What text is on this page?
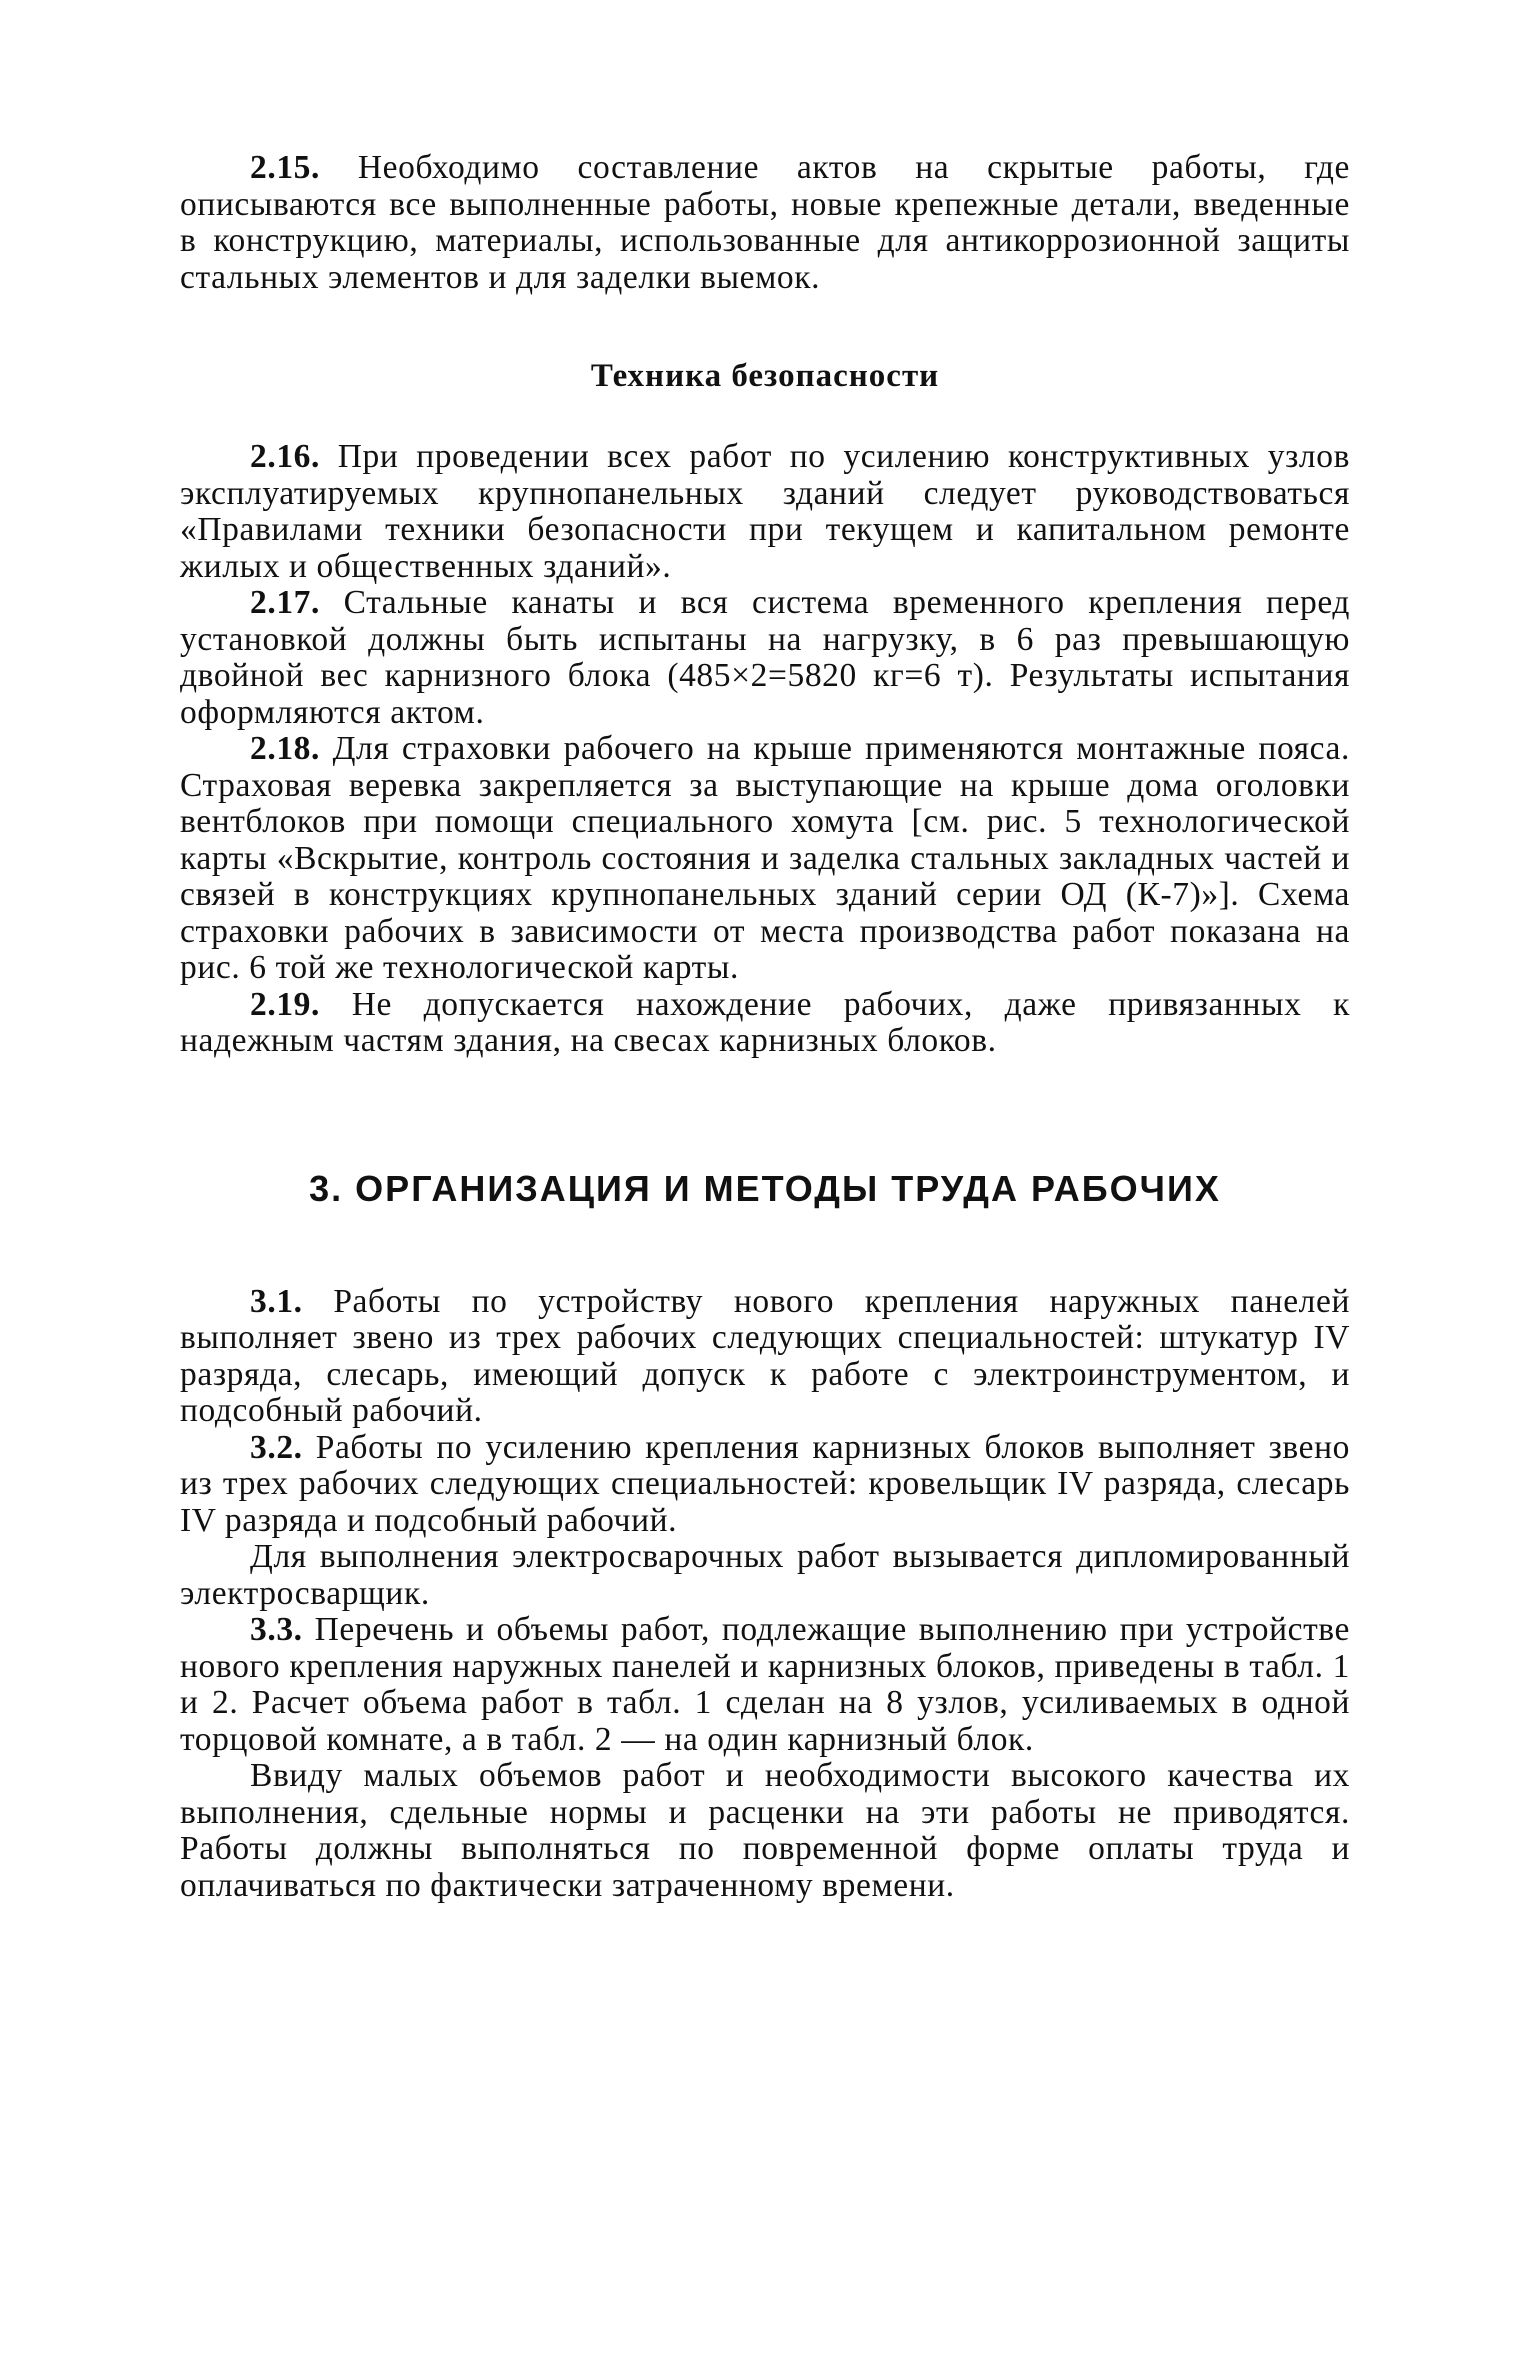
2.15. Необходимо составление актов на скрытые работы, где описываются все выполненные работы, новые крепежные детали, введенные в конструкцию, материалы, использованные для антикоррозионной защиты стальных элементов и для заделки выемок.

Техника безопасности

2.16. При проведении всех работ по усилению конструктивных узлов эксплуатируемых крупнопанельных зданий следует руководствоваться «Правилами техники безопасности при текущем и капитальном ремонте жилых и общественных зданий».

2.17. Стальные канаты и вся система временного крепления перед установкой должны быть испытаны на нагрузку, в 6 раз превышающую двойной вес карнизного блока (485×2=5820 кг=6 т). Результаты испытания оформляются актом.

2.18. Для страховки рабочего на крыше применяются монтажные пояса. Страховая веревка закрепляется за выступающие на крыше дома оголовки вентблоков при помощи специального хомута [см. рис. 5 технологической карты «Вскрытие, контроль состояния и заделка стальных закладных частей и связей в конструкциях крупнопанельных зданий серии ОД (К-7)»]. Схема страховки рабочих в зависимости от места производства работ показана на рис. 6 той же технологической карты.

2.19. Не допускается нахождение рабочих, даже привязанных к надежным частям здания, на свесах карнизных блоков.

3. ОРГАНИЗАЦИЯ И МЕТОДЫ ТРУДА РАБОЧИХ

3.1. Работы по устройству нового крепления наружных панелей выполняет звено из трех рабочих следующих специальностей: штукатур IV разряда, слесарь, имеющий допуск к работе с электроинструментом, и подсобный рабочий.

3.2. Работы по усилению крепления карнизных блоков выполняет звено из трех рабочих следующих специальностей: кровельщик IV разряда, слесарь IV разряда и подсобный рабочий.

Для выполнения электросварочных работ вызывается дипломированный электросварщик.

3.3. Перечень и объемы работ, подлежащие выполнению при устройстве нового крепления наружных панелей и карнизных блоков, приведены в табл. 1 и 2. Расчет объема работ в табл. 1 сделан на 8 узлов, усиливаемых в одной торцовой комнате, а в табл. 2 — на один карнизный блок.

Ввиду малых объемов работ и необходимости высокого качества их выполнения, сдельные нормы и расценки на эти работы не приводятся. Работы должны выполняться по повременной форме оплаты труда и оплачиваться по фактически затраченному времени.
